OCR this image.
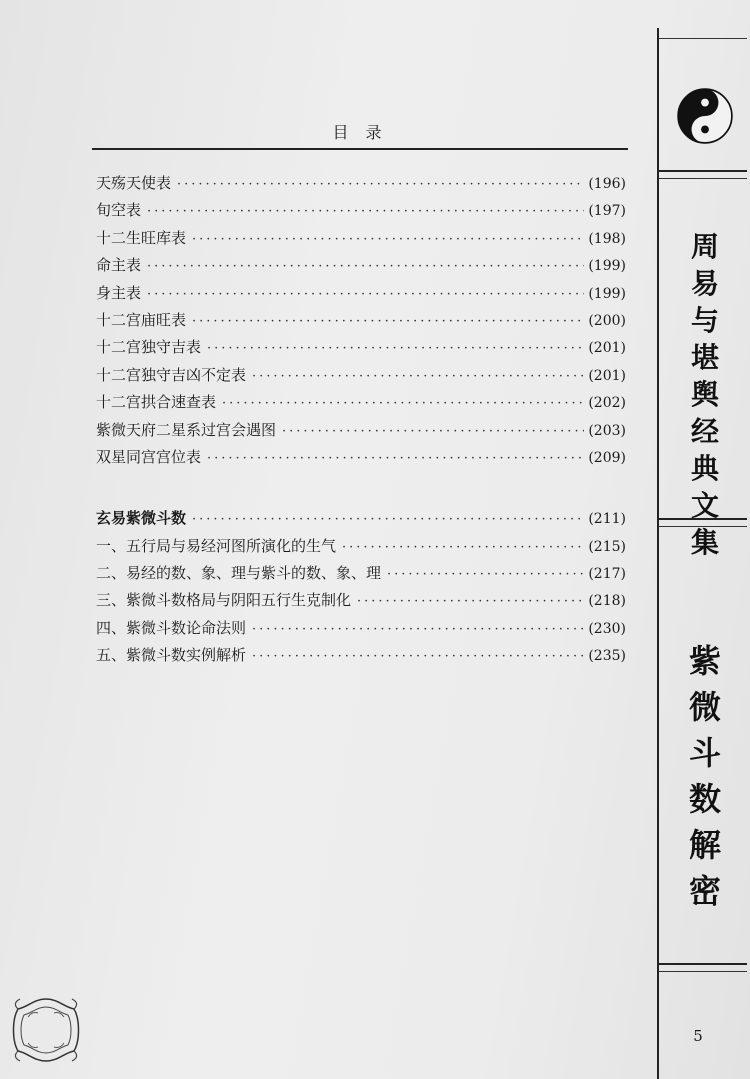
目 录
天殇天使表 ·····	(196)
旬空表 ·····	(197)
十二生旺库表 ·····	(198)
命主表 ·····	(199)
身主表 ·····	(199)
十二宫庙旺表 ·····	(200)
十二宫独守吉表 ·····	(201)
十二宫独守吉凶不定表 ·····	(201)
十二宫拱合速查表 ·····	(202)
紫微天府二星系过宫会遇图 ·····	(203)
双星同宫宫位表 ·····	(209)
玄易紫微斗数 ·····	(211)
一、五行局与易经河图所演化的生气 ·····	(215)
二、易经的数、象、理与紫斗的数、象、理 ·····	(217)
三、紫微斗数格局与阴阳五行生克制化 ·····	(218)
四、紫微斗数论命法则 ·····	(230)
五、紫微斗数实例解析 ·····	(235)
周
易
与
堪
舆
经
典
文
集
紫
微
斗
数
解
密
5
